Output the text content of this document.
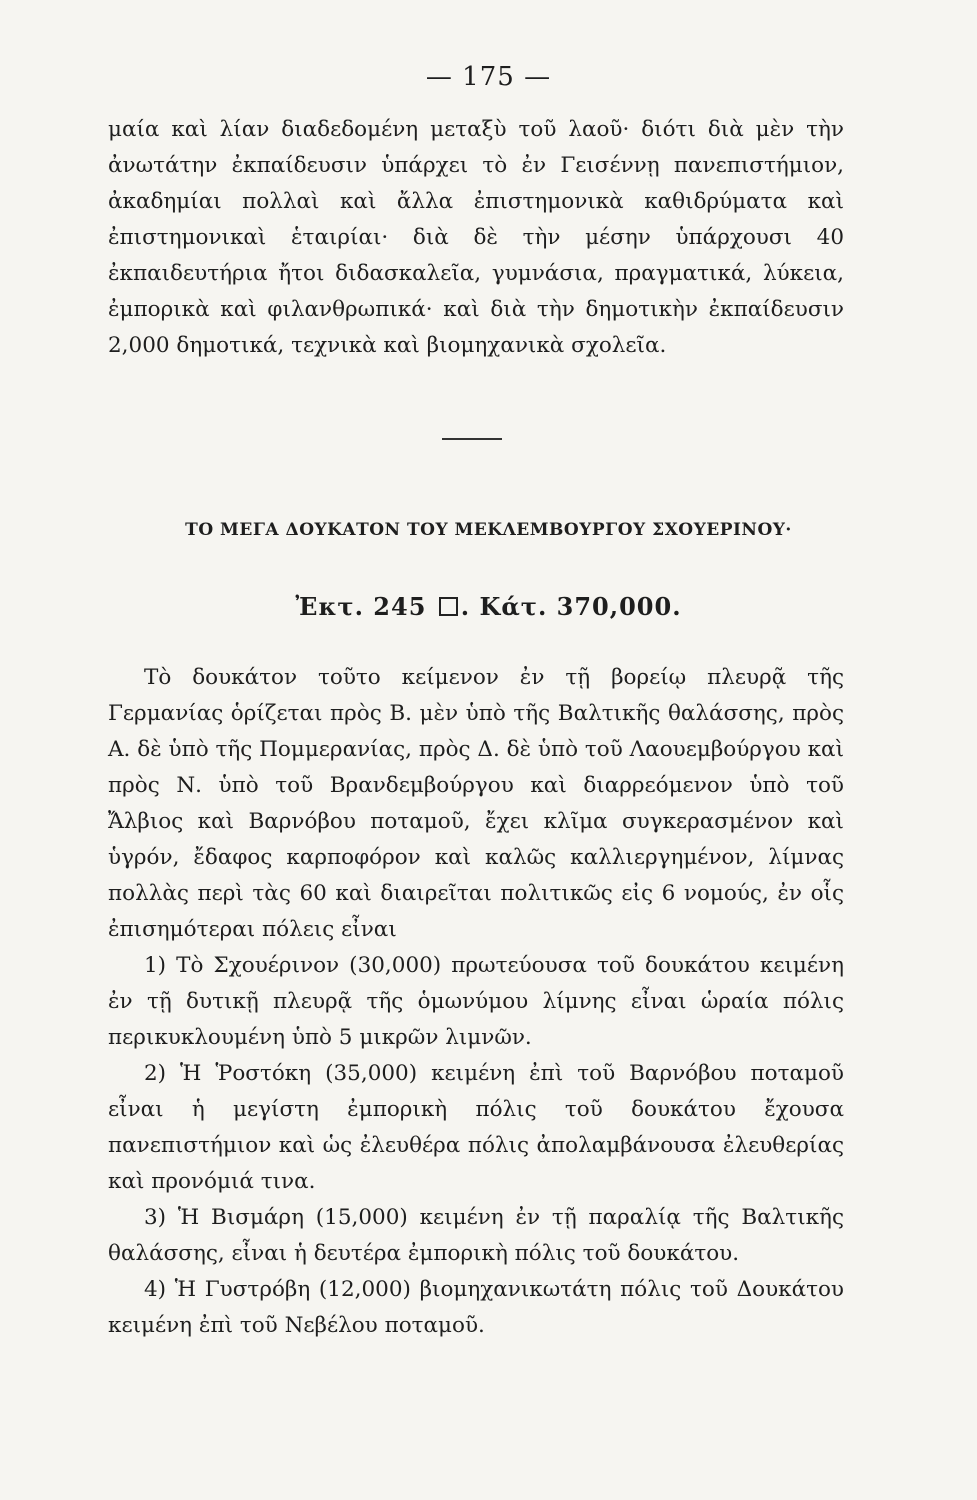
— 175 —

μαία καὶ λίαν διαδεδομένη μεταξὺ τοῦ λαοῦ· διότι διὰ μὲν τὴν ἀνωτάτην ἐκπαίδευσιν ὑπάρχει τὸ ἐν Γεισέννῃ πανεπιστήμιον, ἀκαδημίαι πολλαὶ καὶ ἄλλα ἐπιστημονικὰ καθιδρύματα καὶ ἐπιστημονικαὶ ἑταιρίαι· διὰ δὲ τὴν μέσην ὑπάρχουσι 40 ἐκπαιδευτήρια ἤτοι διδασκαλεῖα, γυμνάσια, πραγματικά, λύκεια, ἐμπορικὰ καὶ φιλανθρωπικά· καὶ διὰ τὴν δημοτικὴν ἐκπαίδευσιν 2,000 δημοτικά, τεχνικὰ καὶ βιομηχανικὰ σχολεῖα.

ΤΟ ΜΕΓΑ ΔΟΥΚΑΤΟΝ ΤΟΥ ΜΕΚΛΕΜΒΟΥΡΓΟΥ ΣΧΟΥΕΡΙΝΟΥ·
Ἐκτ. 245 . Κάτ. 370,000.

Τὸ δουκάτον τοῦτο κείμενον ἐν τῇ βορείῳ πλευρᾷ τῆς Γερμανίας ὁρίζεται πρὸς Β. μὲν ὑπὸ τῆς Βαλτικῆς θαλάσσης, πρὸς Α. δὲ ὑπὸ τῆς Πομμερανίας, πρὸς Δ. δὲ ὑπὸ τοῦ Λαουεμβούργου καὶ πρὸς Ν. ὑπὸ τοῦ Βρανδεμβούργου καὶ διαρρεόμενον ὑπὸ τοῦ Ἄλβιος καὶ Βαρνόβου ποταμοῦ, ἔχει κλῖμα συγκερασμένον καὶ ὑγρόν, ἔδαφος καρποφόρον καὶ καλῶς καλλιεργημένον, λίμνας πολλὰς περὶ τὰς 60 καὶ διαιρεῖται πολιτικῶς εἰς 6 νομούς, ἐν οἷς ἐπισημότεραι πόλεις εἶναι

1) Τὸ Σχουέρινον (30,000) πρωτεύουσα τοῦ δουκάτου κειμένη ἐν τῇ δυτικῇ πλευρᾷ τῆς ὁμωνύμου λίμνης εἶναι ὡραία πόλις περικυκλουμένη ὑπὸ 5 μικρῶν λιμνῶν.

2) Ἡ Ῥοστόκη (35,000) κειμένη ἐπὶ τοῦ Βαρνόβου ποταμοῦ εἶναι ἡ μεγίστη ἐμπορικὴ πόλις τοῦ δουκάτου ἔχουσα πανεπιστήμιον καὶ ὡς ἐλευθέρα πόλις ἀπολαμβάνουσα ἐλευθερίας καὶ προνόμιά τινα.

3) Ἡ Βισμάρη (15,000) κειμένη ἐν τῇ παραλίᾳ τῆς Βαλτικῆς θαλάσσης, εἶναι ἡ δευτέρα ἐμπορικὴ πόλις τοῦ δουκάτου.

4) Ἡ Γυστρόβη (12,000) βιομηχανικωτάτη πόλις τοῦ Δουκάτου κειμένη ἐπὶ τοῦ Νεβέλου ποταμοῦ.
